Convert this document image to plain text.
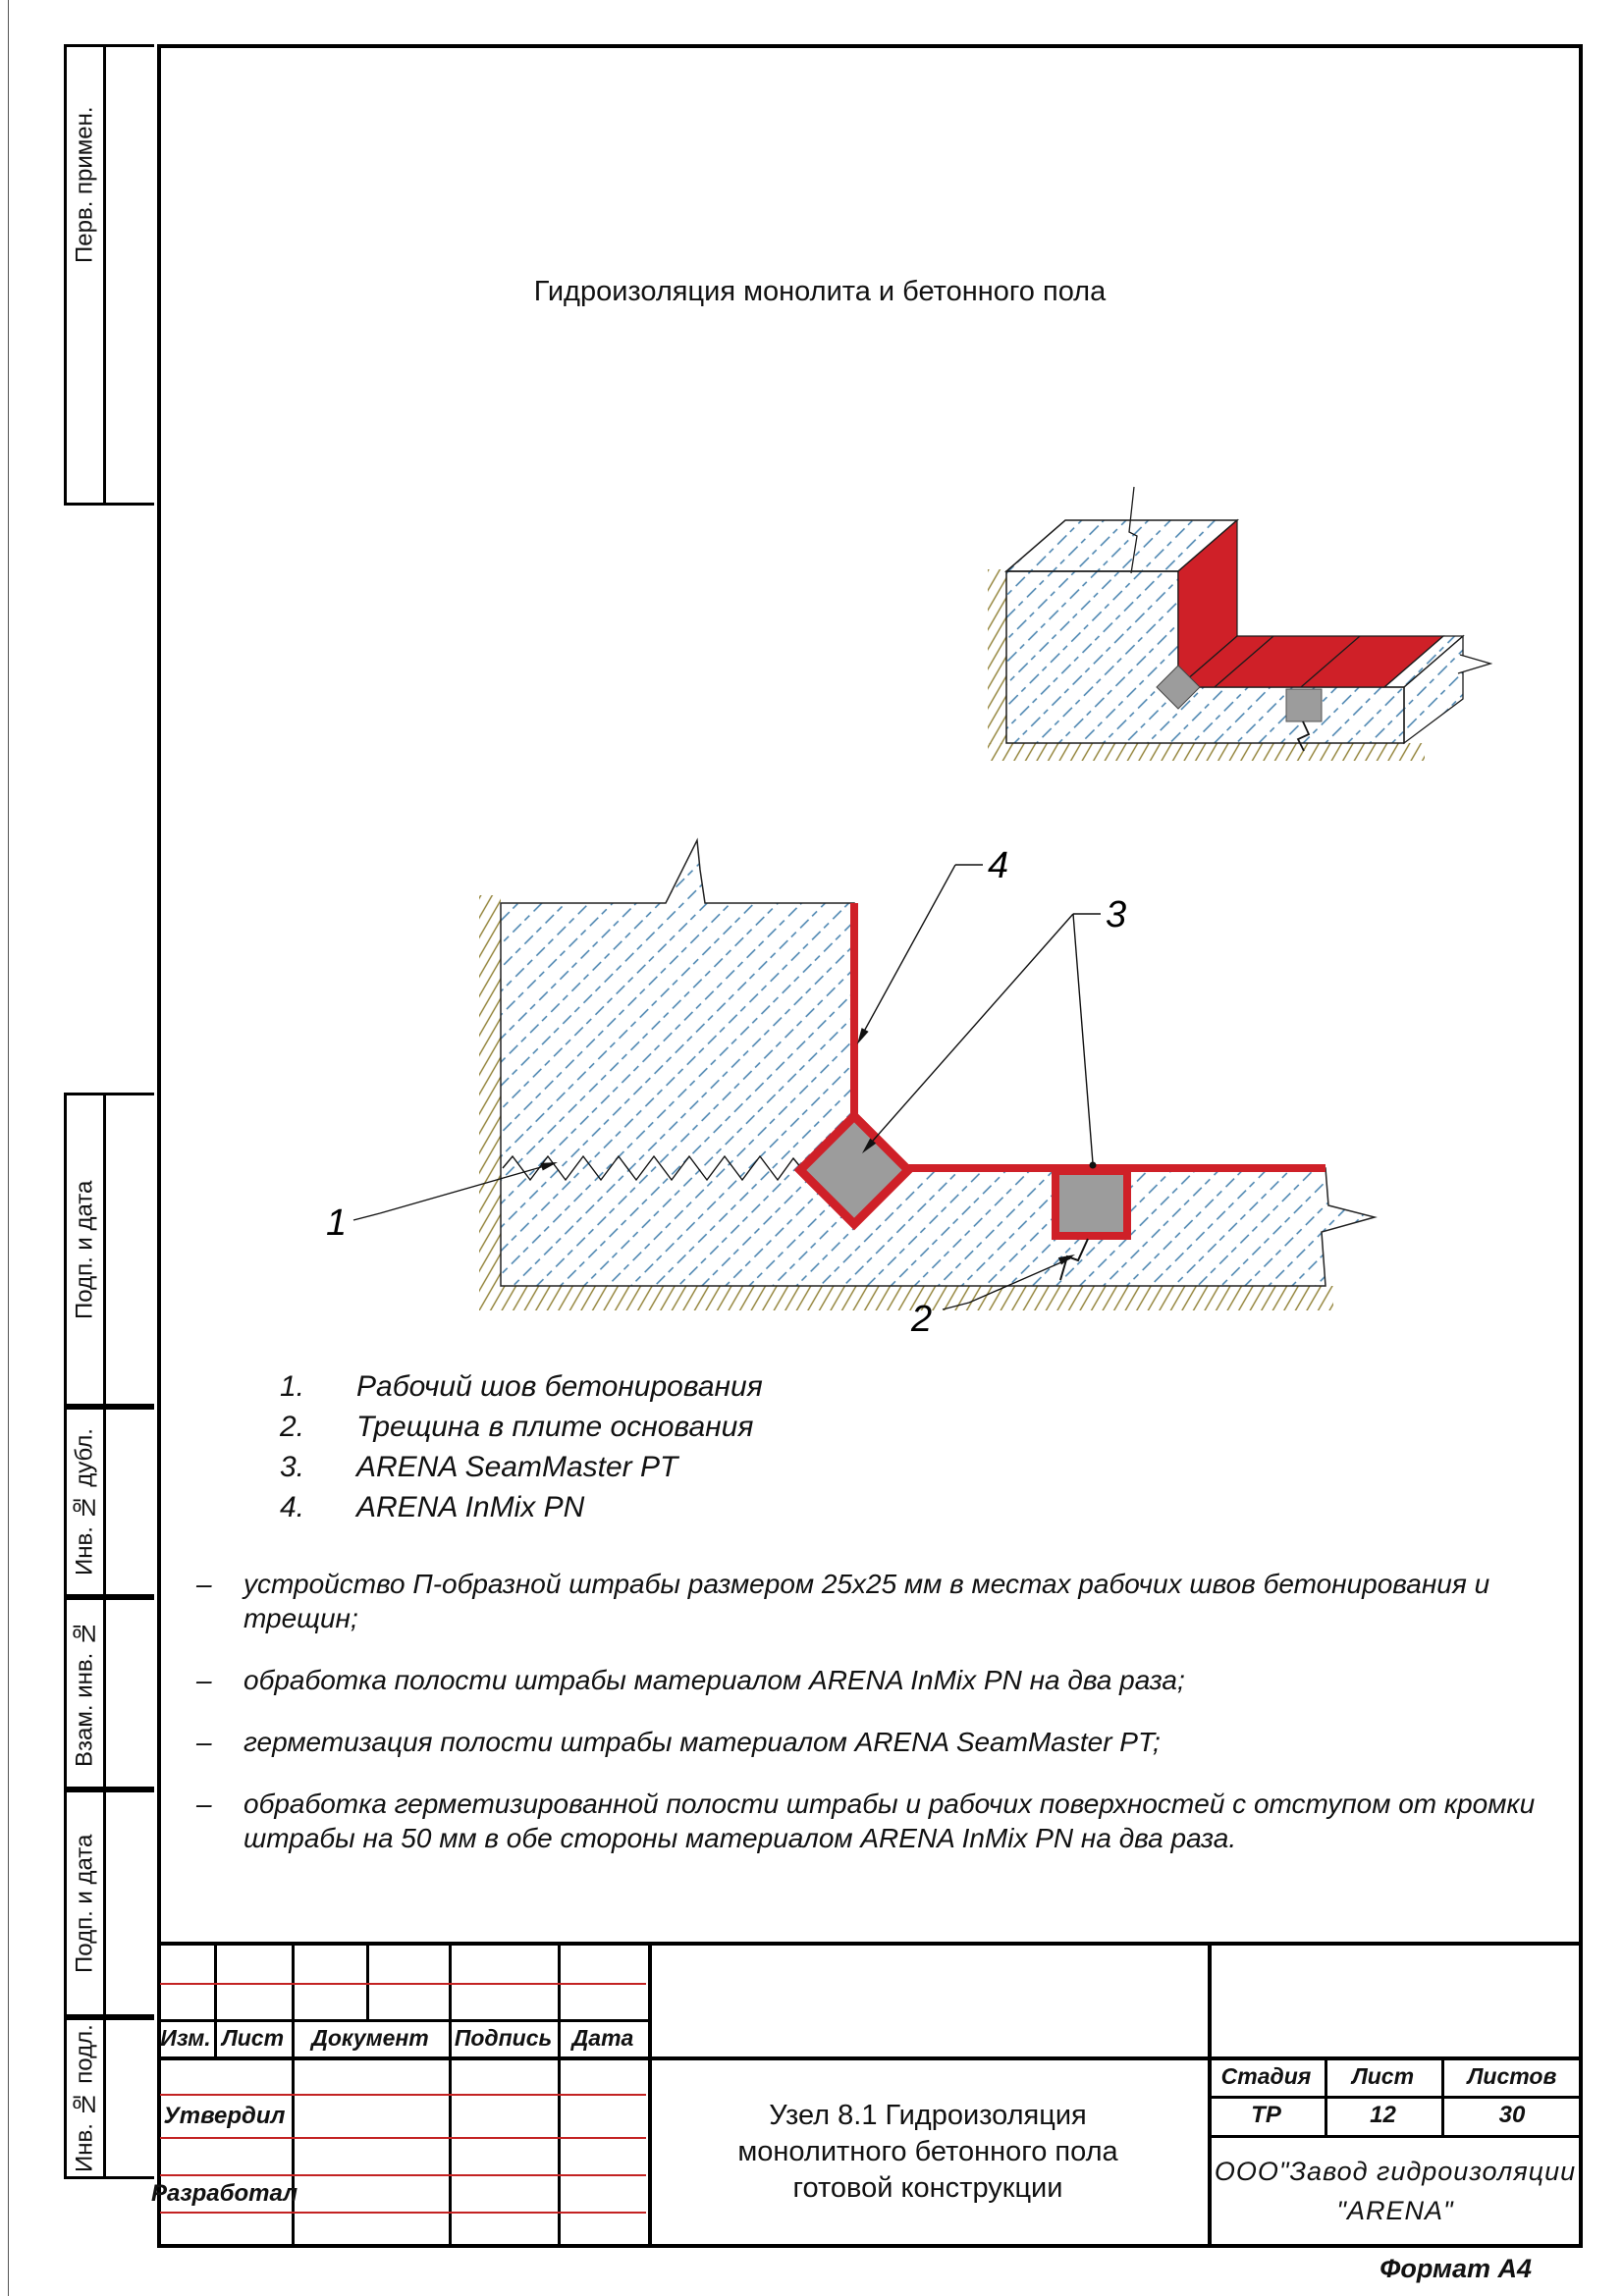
Перв. примен.
Подп. и дата
Инв. № дубл.
Взам. инв. №
Подп. и дата
Инв. № подл.
Гидроизоляция монолита и бетонного пола
1
2
3
4
1.	Рабочий шов бетонирования
2.	Трещина в плите основания
3.	ARENA SeamMaster PT
4.	ARENA InMix PN
–	устройство П-образной штрабы размером 25х25 мм в местах рабочих швов бетонирования и трещин;
–	обработка полости штрабы материалом ARENA InMix PN на два раза;
–	герметизация полости штрабы материалом ARENA SeamMaster PT;
–	обработка герметизированной полости штрабы и рабочих поверхностей с отступом от кромки штрабы на 50 мм в обе стороны материалом ARENA InMix PN на два раза.
Изм. Лист	Документ	Подпись Дата
Утвердил
Разработал
Узел 8.1 Гидроизоляция
монолитного бетонного пола
готовой конструкции
Стадия	Лист	Листов
ТР	12	30
ООО"Завод гидроизоляции
"ARENA"
Формат А4
